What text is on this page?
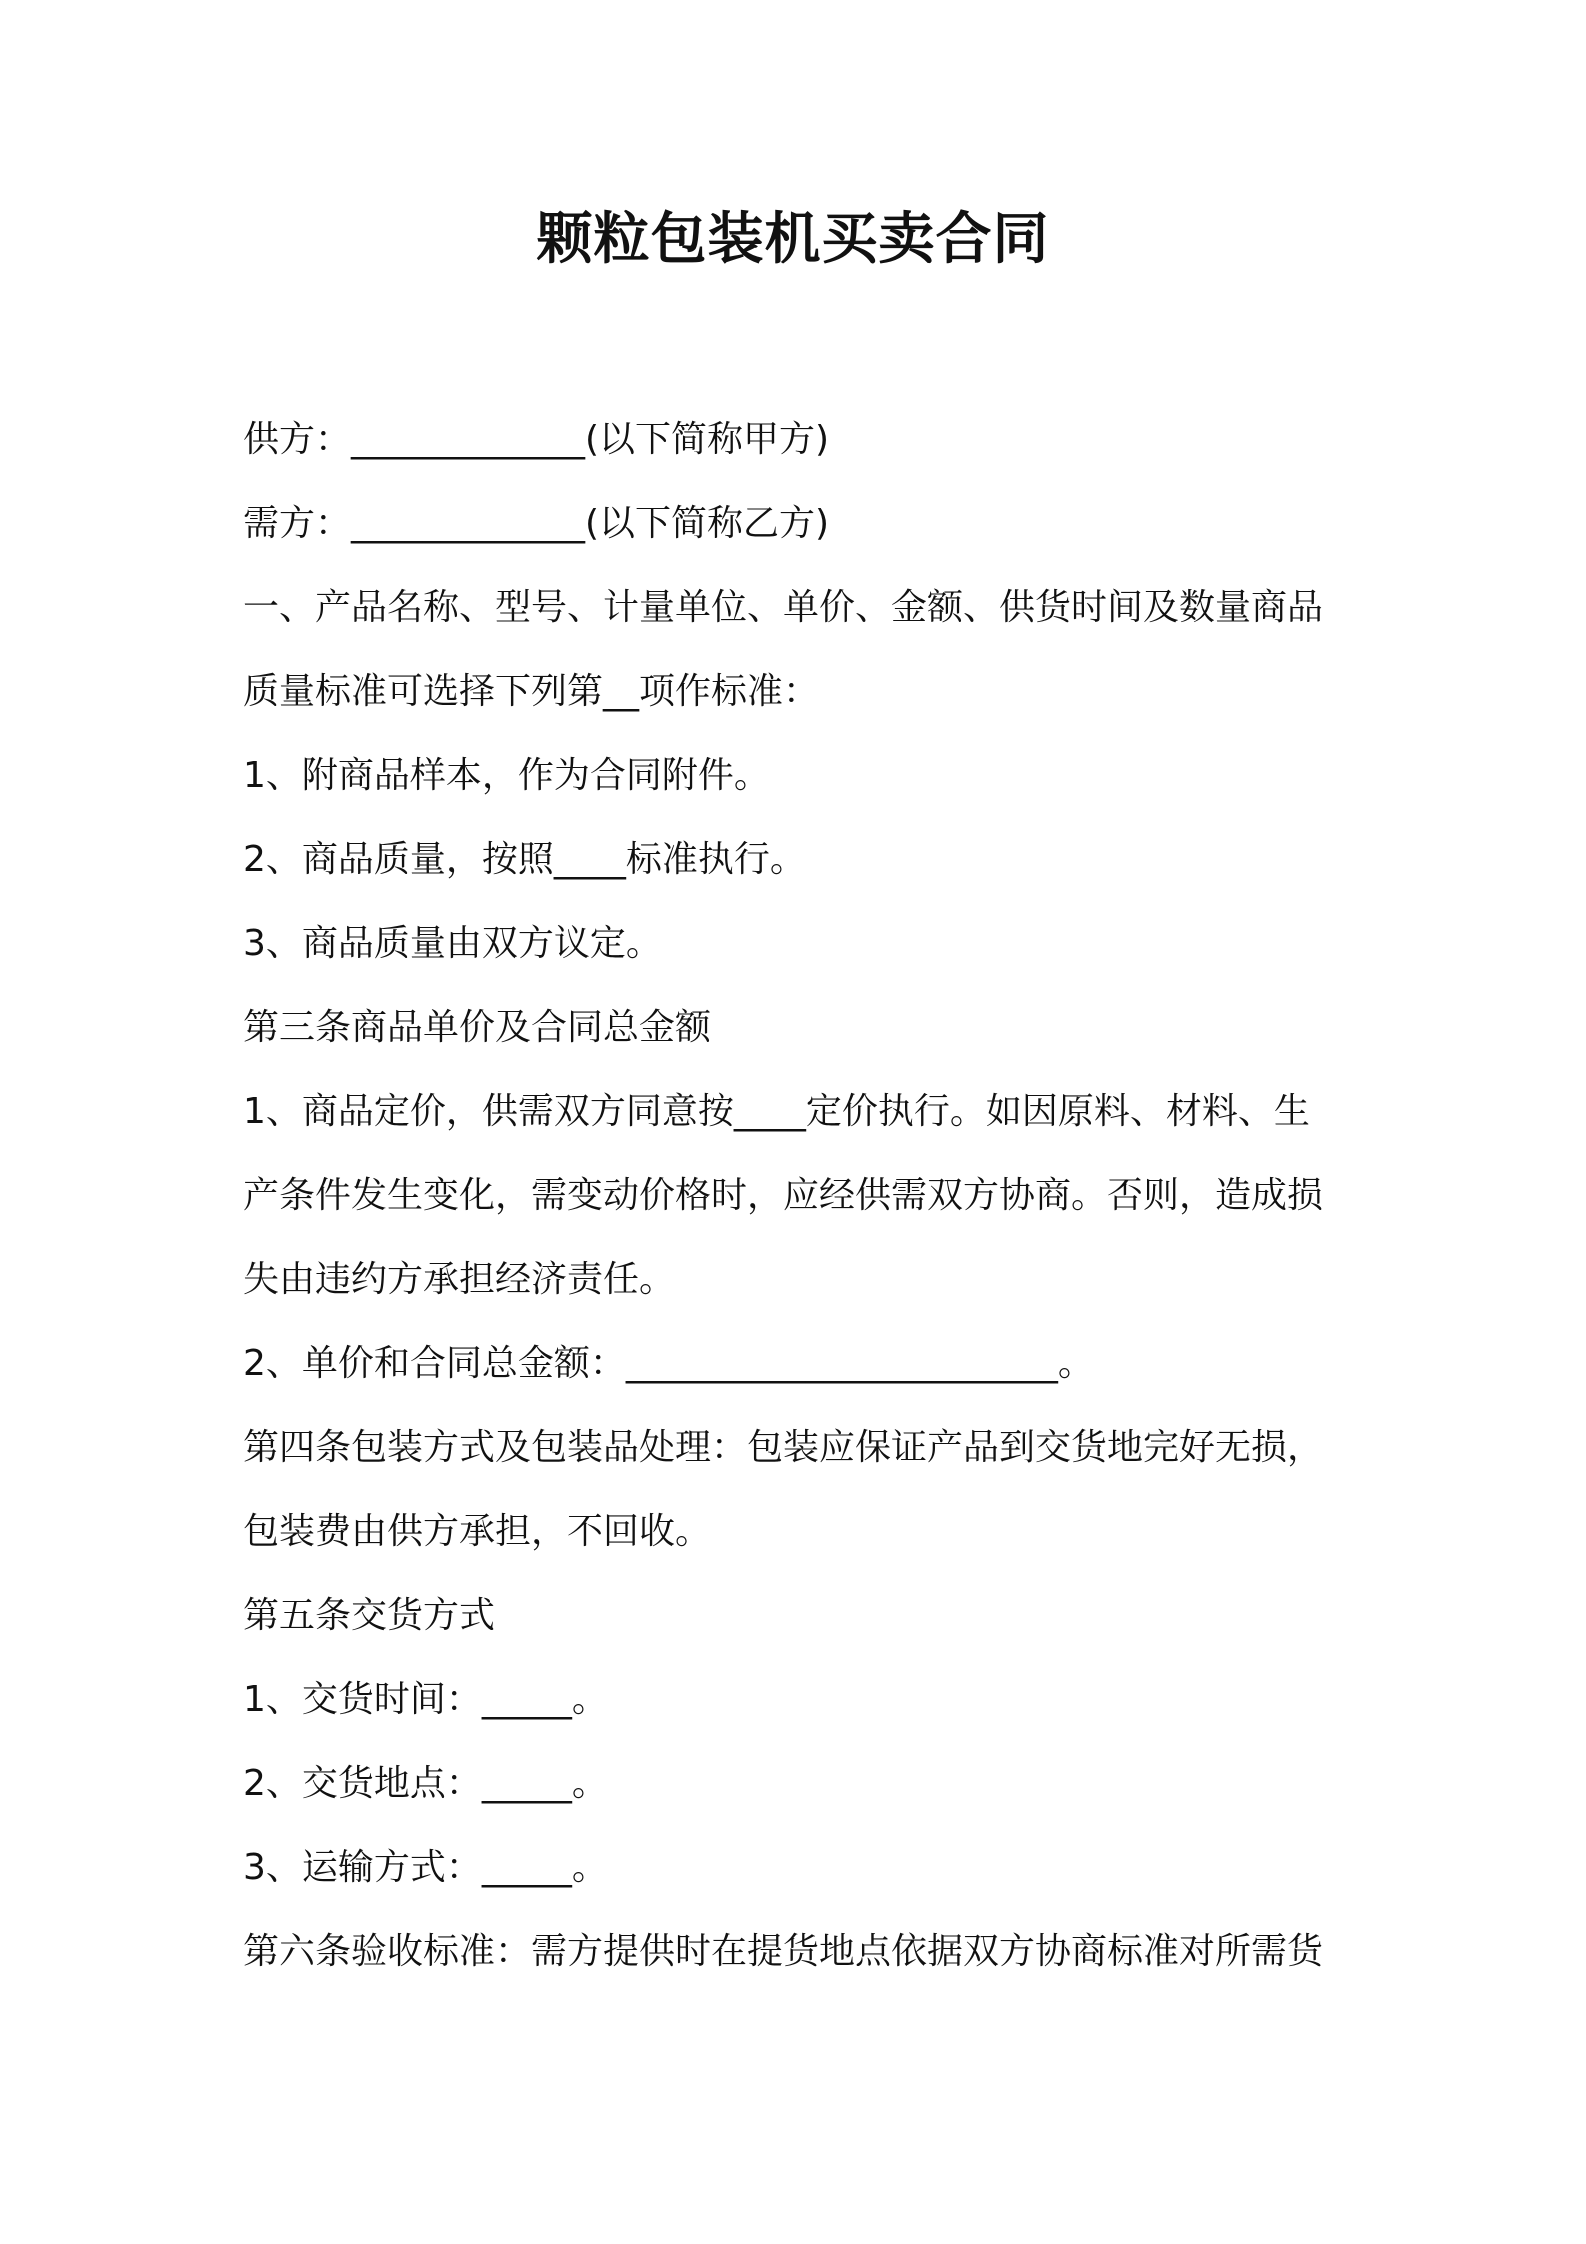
颗粒包装机买卖合同
供方：_____________(以下简称甲方)
需方：_____________(以下简称乙方)
一、产品名称、型号、计量单位、单价、金额、供货时间及数量商品
质量标准可选择下列第__项作标准：
1、附商品样本，作为合同附件。
2、商品质量，按照____标准执行。
3、商品质量由双方议定。
第三条商品单价及合同总金额
1、商品定价，供需双方同意按____定价执行。如因原料、材料、生
产条件发生变化，需变动价格时，应经供需双方协商。否则，造成损
失由违约方承担经济责任。
2、单价和合同总金额：________________________。
第四条包装方式及包装品处理：包装应保证产品到交货地完好无损，
包装费由供方承担，不回收。
第五条交货方式
1、交货时间：_____。
2、交货地点：_____。
3、运输方式：_____。
第六条验收标准：需方提供时在提货地点依据双方协商标准对所需货
